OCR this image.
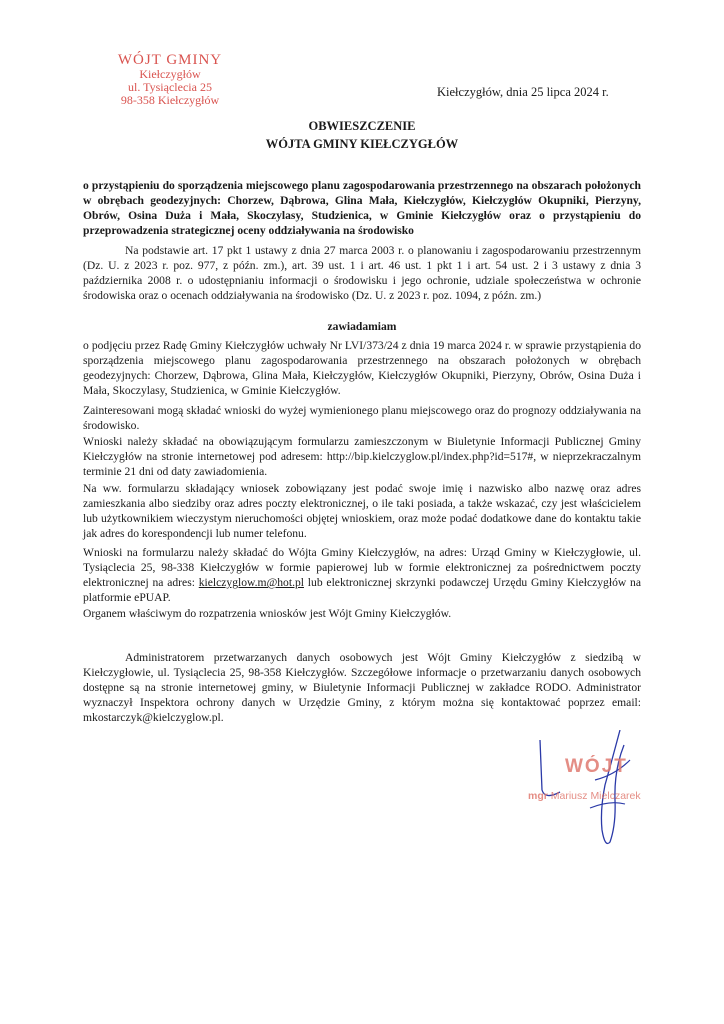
WÓJT GMINY
Kiełczygłów
ul. Tysiąclecia 25
98-358 Kiełczygłów
Kiełczygłów, dnia 25 lipca 2024 r.
OBWIESZCZENIE
WÓJTA GMINY KIEŁCZYGŁÓW
o przystąpieniu do sporządzenia miejscowego planu zagospodarowania przestrzennego na obszarach położonych w obrębach geodezyjnych: Chorzew, Dąbrowa, Glina Mała, Kiełczygłów, Kiełczygłów Okupniki, Pierzyny, Obrów, Osina Duża i Mała, Skoczylasy, Studzienica, w Gminie Kiełczygłów oraz o przystąpieniu do przeprowadzenia strategicznej oceny oddziaływania na środowisko
Na podstawie art. 17 pkt 1 ustawy z dnia 27 marca 2003 r. o planowaniu i zagospodarowaniu przestrzennym (Dz. U. z 2023 r. poz. 977, z późn. zm.), art. 39 ust. 1 i art. 46 ust. 1 pkt 1 i art. 54 ust. 2 i 3 ustawy z dnia 3 października 2008 r. o udostępnianiu informacji o środowisku i jego ochronie, udziale społeczeństwa w ochronie środowiska oraz o ocenach oddziaływania na środowisko (Dz. U. z 2023 r. poz. 1094, z późn. zm.)
zawiadamiam
o podjęciu przez Radę Gminy Kiełczygłów uchwały Nr LVI/373/24 z dnia 19 marca 2024 r. w sprawie przystąpienia do sporządzenia miejscowego planu zagospodarowania przestrzennego na obszarach położonych w obrębach geodezyjnych: Chorzew, Dąbrowa, Glina Mała, Kiełczygłów, Kiełczygłów Okupniki, Pierzyny, Obrów, Osina Duża i Mała, Skoczylasy, Studzienica, w Gminie Kiełczygłów.
Zainteresowani mogą składać wnioski do wyżej wymienionego planu miejscowego oraz do prognozy oddziaływania na środowisko.
Wnioski należy składać na obowiązującym formularzu zamieszczonym w Biuletynie Informacji Publicznej Gminy Kiełczygłów na stronie internetowej pod adresem: http://bip.kielczyglow.pl/index.php?id=517#, w nieprzekraczalnym terminie 21 dni od daty zawiadomienia.
Na ww. formularzu składający wniosek zobowiązany jest podać swoje imię i nazwisko albo nazwę oraz adres zamieszkania albo siedziby oraz adres poczty elektronicznej, o ile taki posiada, a także wskazać, czy jest właścicielem lub użytkownikiem wieczystym nieruchomości objętej wnioskiem, oraz może podać dodatkowe dane do kontaktu takie jak adres do korespondencji lub numer telefonu.
Wnioski na formularzu należy składać do Wójta Gminy Kiełczygłów, na adres: Urząd Gminy w Kiełczygłowie, ul. Tysiąclecia 25, 98-338 Kiełczygłów w formie papierowej lub w formie elektronicznej za pośrednictwem poczty elektronicznej na adres: kielczyglow.m@hot.pl lub elektronicznej skrzynki podawczej Urzędu Gminy Kiełczygłów na platformie ePUAP.
Organem właściwym do rozpatrzenia wniosków jest Wójt Gminy Kiełczygłów.
Administratorem przetwarzanych danych osobowych jest Wójt Gminy Kiełczygłów z siedzibą w Kiełczygłowie, ul. Tysiąclecia 25, 98-358 Kiełczygłów. Szczegółowe informacje o przetwarzaniu danych osobowych dostępne są na stronie internetowej gminy, w Biuletynie Informacji Publicznej w zakładce RODO. Administrator wyznaczył Inspektora ochrony danych w Urzędzie Gminy, z którym można się kontaktować poprzez email: mkostarczyk@kielczyglow.pl.
WÓJT
mgr Mariusz Mielczarek
